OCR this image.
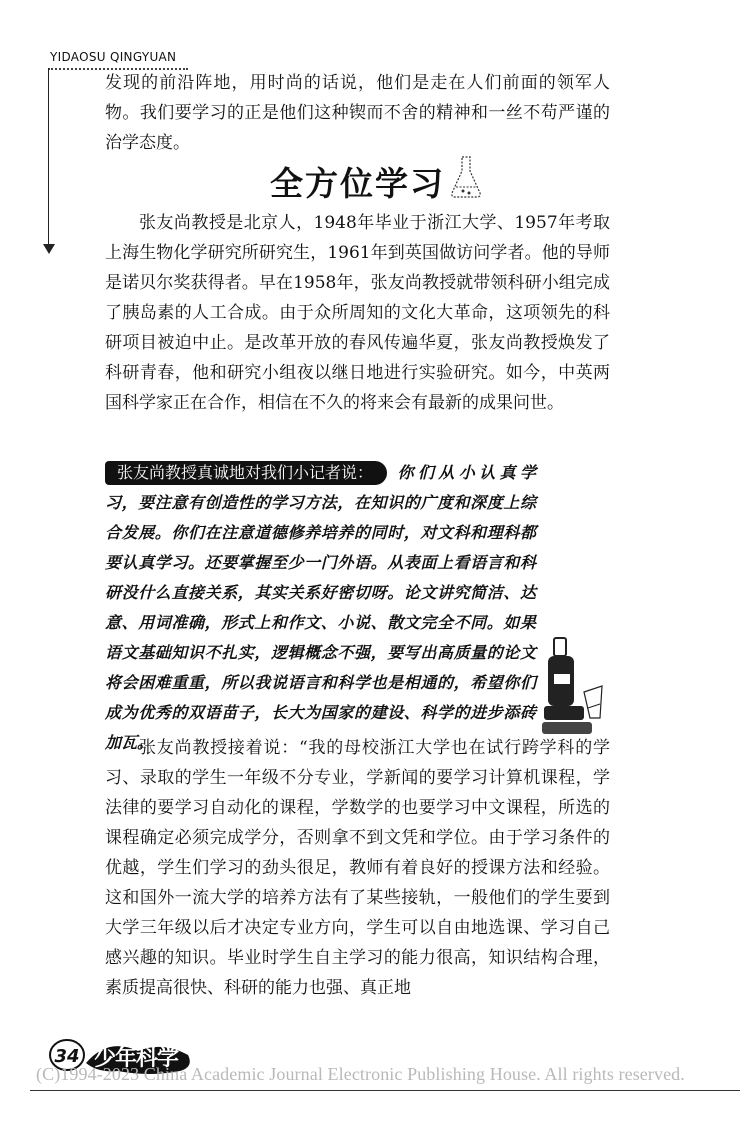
YIDAOSU QINGYUAN

发现的前沿阵地，用时尚的话说，他们是走在人们前面的领军人物。我们要学习的正是他们这种锲而不舍的精神和一丝不苟严谨的治学态度。

全方位学习

张友尚教授是北京人，1948年毕业于浙江大学、1957年考取上海生物化学研究所研究生，1961年到英国做访问学者。他的导师是诺贝尔奖获得者。早在1958年，张友尚教授就带领科研小组完成了胰岛素的人工合成。由于众所周知的文化大革命，这项领先的科研项目被迫中止。是改革开放的春风传遍华夏，张友尚教授焕发了科研青春，他和研究小组夜以继日地进行实验研究。如今，中英两国科学家正在合作，相信在不久的将来会有最新的成果问世。

张友尚教授真诚地对我们小记者说： 你们从小认真学习，要注意有创造性的学习方法，在知识的广度和深度上综合发展。你们在注意道德修养培养的同时，对文科和理科都要认真学习。还要掌握至少一门外语。从表面上看语言和科研没什么直接关系，其实关系好密切呀。论文讲究简洁、达意、用词准确，形式上和作文、小说、散文完全不同。如果语文基础知识不扎实，逻辑概念不强，要写出高质量的论文将会困难重重，所以我说语言和科学也是相通的，希望你们成为优秀的双语苗子，长大为国家的建设、科学的进步添砖加瓦。

张友尚教授接着说：“我的母校浙江大学也在试行跨学科的学习、录取的学生一年级不分专业，学新闻的要学习计算机课程，学法律的要学习自动化的课程，学数学的也要学习中文课程，所选的课程确定必须完成学分，否则拿不到文凭和学位。由于学习条件的优越，学生们学习的劲头很足，教师有着良好的授课方法和经验。这和国外一流大学的培养方法有了某些接轨，一般他们的学生要到大学三年级以后才决定专业方向，学生可以自由地选课、学习自己感兴趣的知识。毕业时学生自主学习的能力很高，知识结构合理，素质提高很快、科研的能力也强、真正地

34 少年科学
(C)1994-2023 China Academic Journal Electronic Publishing House. All rights reserved.
